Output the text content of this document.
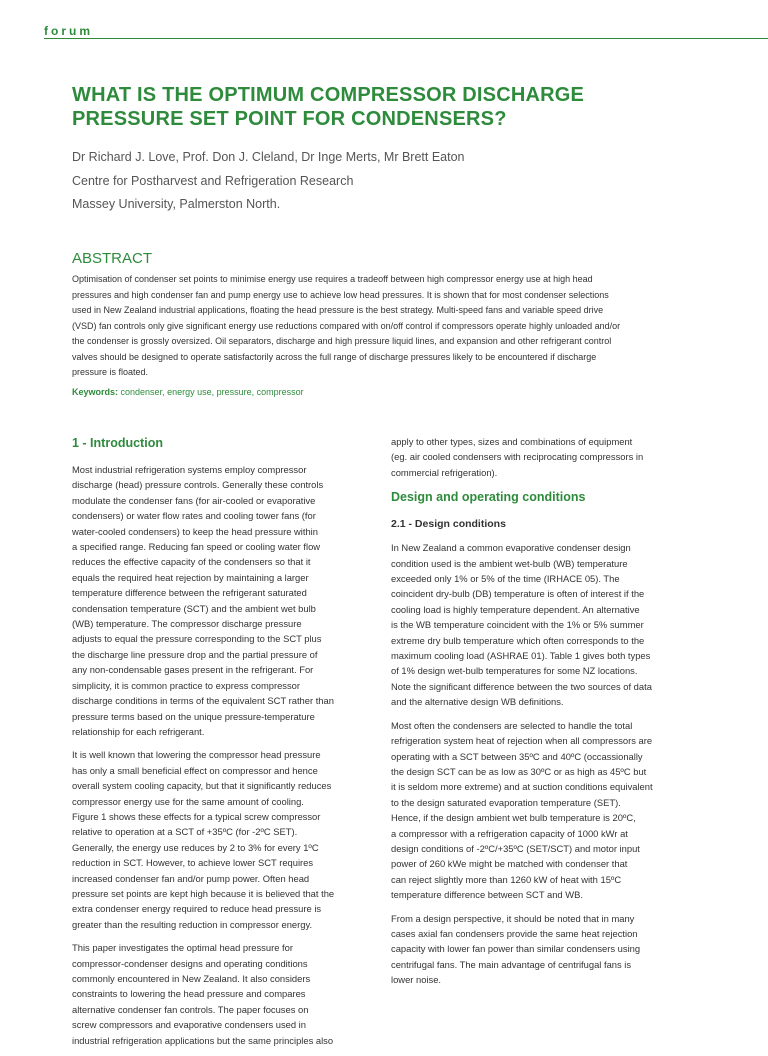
forum
WHAT IS THE OPTIMUM COMPRESSOR DISCHARGE
PRESSURE SET POINT FOR CONDENSERS?
Dr Richard J. Love, Prof. Don J. Cleland, Dr Inge Merts, Mr Brett Eaton
Centre for Postharvest and Refrigeration Research
Massey University, Palmerston North.
ABSTRACT
Optimisation of condenser set points to minimise energy use requires a tradeoff between high compressor energy use at high head
pressures and high condenser fan and pump energy use to achieve low head pressures. It is shown that for most condenser selections
used in New Zealand industrial applications, floating the head pressure is the best strategy. Multi-speed fans and variable speed drive
(VSD) fan controls only give significant energy use reductions compared with on/off control if compressors operate highly unloaded and/or
the condenser is grossly oversized. Oil separators, discharge and high pressure liquid lines, and expansion and other refrigerant control
valves should be designed to operate satisfactorily across the full range of discharge pressures likely to be encountered if discharge
pressure is floated.
Keywords: condenser, energy use, pressure, compressor
1 - Introduction

Most industrial refrigeration systems employ compressor
discharge (head) pressure controls. Generally these controls
modulate the condenser fans (for air-cooled or evaporative
condensers) or water flow rates and cooling tower fans (for
water-cooled condensers) to keep the head pressure within
a specified range. Reducing fan speed or cooling water flow
reduces the effective capacity of the condensers so that it
equals the required heat rejection by maintaining a larger
temperature difference between the refrigerant saturated
condensation temperature (SCT) and the ambient wet bulb
(WB) temperature. The compressor discharge pressure
adjusts to equal the pressure corresponding to the SCT plus
the discharge line pressure drop and the partial pressure of
any non-condensable gases present in the refrigerant. For
simplicity, it is common practice to express compressor
discharge conditions in terms of the equivalent SCT rather than
pressure terms based on the unique pressure-temperature
relationship for each refrigerant.

It is well known that lowering the compressor head pressure
has only a small beneficial effect on compressor and hence
overall system cooling capacity, but that it significantly reduces
compressor energy use for the same amount of cooling.
Figure 1 shows these effects for a typical screw compressor
relative to operation at a SCT of +35ºC (for -2ºC SET).
Generally, the energy use reduces by 2 to 3% for every 1ºC
reduction in SCT. However, to achieve lower SCT requires
increased condenser fan and/or pump power. Often head
pressure set points are kept high because it is believed that the
extra condenser energy required to reduce head pressure is
greater than the resulting reduction in compressor energy.

This paper investigates the optimal head pressure for
compressor-condenser designs and operating conditions
commonly encountered in New Zealand. It also considers
constraints to lowering the head pressure and compares
alternative condenser fan controls. The paper focuses on
screw compressors and evaporative condensers used in
industrial refrigeration applications but the same principles also

apply to other types, sizes and combinations of equipment
(eg. air cooled condensers with reciprocating compressors in
commercial refrigeration).

Design and operating conditions
2.1 - Design conditions

In New Zealand a common evaporative condenser design
condition used is the ambient wet-bulb (WB) temperature
exceeded only 1% or 5% of the time (IRHACE 05). The
coincident dry-bulb (DB) temperature is often of interest if the
cooling load is highly temperature dependent. An alternative
is the WB temperature coincident with the 1% or 5% summer
extreme dry bulb temperature which often corresponds to the
maximum cooling load (ASHRAE 01). Table 1 gives both types
of 1% design wet-bulb temperatures for some NZ locations.
Note the significant difference between the two sources of data
and the alternative design WB definitions.

Most often the condensers are selected to handle the total
refrigeration system heat of rejection when all compressors are
operating with a SCT between 35ºC and 40ºC (occassionally
the design SCT can be as low as 30ºC or as high as 45ºC but
it is seldom more extreme) and at suction conditions equivalent
to the design saturated evaporation temperature (SET).
Hence, if the design ambient wet bulb temperature is 20ºC,
a compressor with a refrigeration capacity of 1000 kWr at
design conditions of -2ºC/+35ºC (SET/SCT) and motor input
power of 260 kWe might be matched with condenser that
can reject slightly more than 1260 kW of heat with 15ºC
temperature difference between SCT and WB.

From a design perspective, it should be noted that in many
cases axial fan condensers provide the same heat rejection
capacity with lower fan power than similar condensers using
centrifugal fans. The main advantage of centrifugal fans is
lower noise.
